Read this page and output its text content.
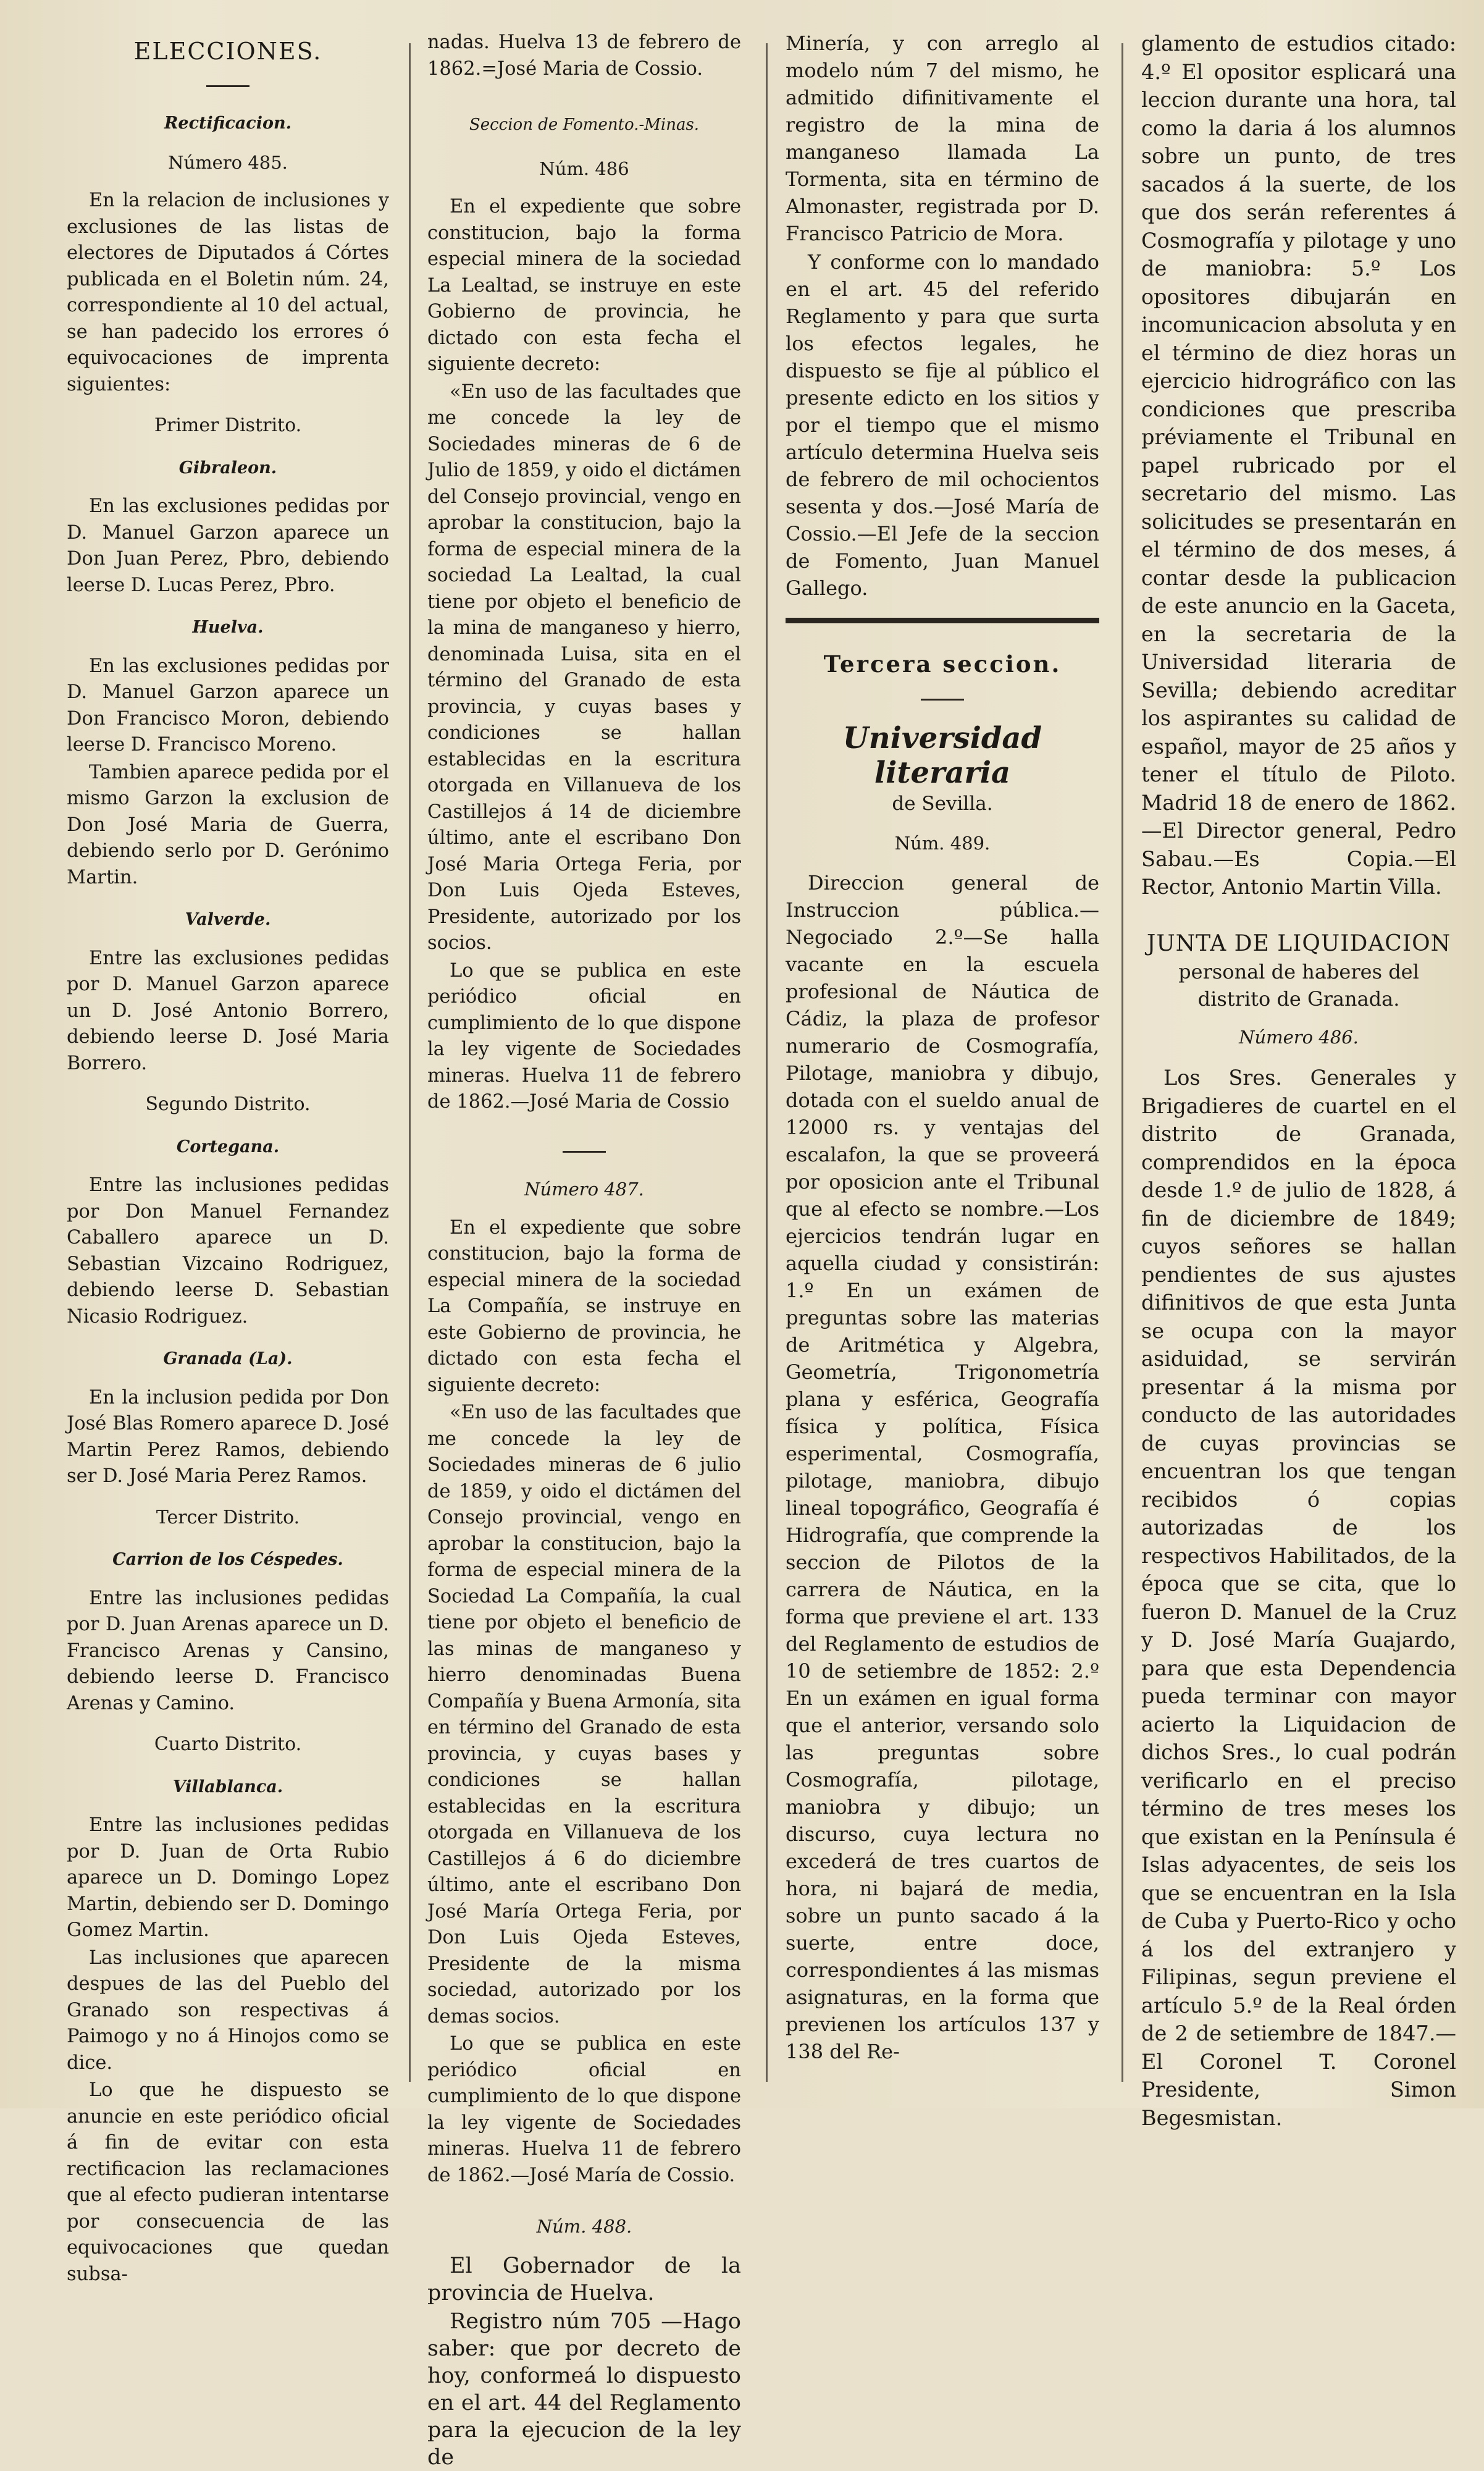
ELECCIONES.
Rectificacion.
Número 485.

En la relacion de inclusiones y exclusiones de las listas de electores de Diputados á Córtes publicada en el Boletin núm. 24, correspondiente al 10 del actual, se han padecido los errores ó equivocaciones de imprenta siguientes:

Primer Distrito.
Gibraleon.

En las exclusiones pedidas por D. Manuel Garzon aparece un Don Juan Perez, Pbro, debiendo leerse D. Lucas Perez, Pbro.

Huelva.

En las exclusiones pedidas por D. Manuel Garzon aparece un Don Francisco Moron, debiendo leerse D. Francisco Moreno.

Tambien aparece pedida por el mismo Garzon la exclusion de Don José Maria de Guerra, debiendo serlo por D. Gerónimo Martin.

Valverde.

Entre las exclusiones pedidas por D. Manuel Garzon aparece un D. José Antonio Borrero, debiendo leerse D. José Maria Borrero.

Segundo Distrito.
Cortegana.

Entre las inclusiones pedidas por Don Manuel Fernandez Caballero aparece un D. Sebastian Vizcaino Rodriguez, debiendo leerse D. Sebastian Nicasio Rodriguez.

Granada (La).

En la inclusion pedida por Don José Blas Romero aparece D. José Martin Perez Ramos, debiendo ser D. José Maria Perez Ramos.

Tercer Distrito.
Carrion de los Céspedes.

Entre las inclusiones pedidas por D. Juan Arenas aparece un D. Francisco Arenas y Cansino, debiendo leerse D. Francisco Arenas y Camino.

Cuarto Distrito.
Villablanca.

Entre las inclusiones pedidas por D. Juan de Orta Rubio aparece un D. Domingo Lopez Martin, debiendo ser D. Domingo Gomez Martin.

Las inclusiones que aparecen despues de las del Pueblo del Granado son respectivas á Paimogo y no á Hinojos como se dice.

Lo que he dispuesto se anuncie en este periódico oficial á fin de evitar con esta rectificacion las reclamaciones que al efecto pudieran intentarse por consecuencia de las equivocaciones que quedan subsa-

nadas. Huelva 13 de febrero de 1862.=José Maria de Cossio.

Seccion de Fomento.-Minas.
Núm. 486

En el expediente que sobre constitucion, bajo la forma especial minera de la sociedad La Lealtad, se instruye en este Gobierno de provincia, he dictado con esta fecha el siguiente decreto:

«En uso de las facultades que me concede la ley de Sociedades mineras de 6 de Julio de 1859, y oido el dictámen del Consejo provincial, vengo en aprobar la constitucion, bajo la forma de especial minera de la sociedad La Lealtad, la cual tiene por objeto el beneficio de la mina de manganeso y hierro, denominada Luisa, sita en el término del Granado de esta provincia, y cuyas bases y condiciones se hallan establecidas en la escritura otorgada en Villanueva de los Castillejos á 14 de diciembre último, ante el escribano Don José Maria Ortega Feria, por Don Luis Ojeda Esteves, Presidente, autorizado por los socios.

Lo que se publica en este periódico oficial en cumplimiento de lo que dispone la ley vigente de Sociedades mineras. Huelva 11 de febrero de 1862.—José Maria de Cossio

Número 487.

En el expediente que sobre constitucion, bajo la forma de especial minera de la sociedad La Compañía, se instruye en este Gobierno de provincia, he dictado con esta fecha el siguiente decreto:

«En uso de las facultades que me concede la ley de Sociedades mineras de 6 julio de 1859, y oido el dictámen del Consejo provincial, vengo en aprobar la constitucion, bajo la forma de especial minera de la Sociedad La Compañía, la cual tiene por objeto el beneficio de las minas de manganeso y hierro denominadas Buena Compañía y Buena Armonía, sita en término del Granado de esta provincia, y cuyas bases y condiciones se hallan establecidas en la escritura otorgada en Villanueva de los Castillejos á 6 do diciembre último, ante el escribano Don José María Ortega Feria, por Don Luis Ojeda Esteves, Presidente de la misma sociedad, autorizado por los demas socios.

Lo que se publica en este periódico oficial en cumplimiento de lo que dispone la ley vigente de Sociedades mineras. Huelva 11 de febrero de 1862.—José María de Cossio.

Núm. 488.

El Gobernador de la provincia de Huelva.

Registro núm 705 —Hago saber: que por decreto de hoy, conformeá lo dispuesto en el art. 44 del Reglamento para la ejecucion de la ley de

Minería, y con arreglo al modelo núm 7 del mismo, he admitido difinitivamente el registro de la mina de manganeso llamada La Tormenta, sita en término de Almonaster, registrada por D. Francisco Patricio de Mora.

Y conforme con lo mandado en el art. 45 del referido Reglamento y para que surta los efectos legales, he dispuesto se fije al público el presente edicto en los sitios y por el tiempo que el mismo artículo determina Huelva seis de febrero de mil ochocientos sesenta y dos.—José María de Cossio.—El Jefe de la seccion de Fomento, Juan Manuel Gallego.

Tercera seccion.
Universidad literaria
de Sevilla.
Núm. 489.

Direccion general de Instruccion pública.—Negociado 2.º—Se halla vacante en la escuela profesional de Náutica de Cádiz, la plaza de profesor numerario de Cosmografía, Pilotage, maniobra y dibujo, dotada con el sueldo anual de 12000 rs. y ventajas del escalafon, la que se proveerá por oposicion ante el Tribunal que al efecto se nombre.—Los ejercicios tendrán lugar en aquella ciudad y consistirán: 1.º En un exámen de preguntas sobre las materias de Aritmética y Algebra, Geometría, Trigonometría plana y esférica, Geografía física y política, Física esperimental, Cosmografía, pilotage, maniobra, dibujo lineal topográfico, Geografía é Hidrografía, que comprende la seccion de Pilotos de la carrera de Náutica, en la forma que previene el art. 133 del Reglamento de estudios de 10 de setiembre de 1852: 2.º En un exámen en igual forma que el anterior, versando solo las preguntas sobre Cosmografía, pilotage, maniobra y dibujo; un discurso, cuya lectura no excederá de tres cuartos de hora, ni bajará de media, sobre un punto sacado á la suerte, entre doce, correspondientes á las mismas asignaturas, en la forma que previenen los artículos 137 y 138 del Re-

glamento de estudios citado: 4.º El opositor esplicará una leccion durante una hora, tal como la daria á los alumnos sobre un punto, de tres sacados á la suerte, de los que dos serán referentes á Cosmografía y pilotage y uno de maniobra: 5.º Los opositores dibujarán en incomunicacion absoluta y en el término de diez horas un ejercicio hidrográfico con las condiciones que prescriba préviamente el Tribunal en papel rubricado por el secretario del mismo. Las solicitudes se presentarán en el término de dos meses, á contar desde la publicacion de este anuncio en la Gaceta, en la secretaria de la Universidad literaria de Sevilla; debiendo acreditar los aspirantes su calidad de español, mayor de 25 años y tener el título de Piloto. Madrid 18 de enero de 1862.—El Director general, Pedro Sabau.—Es Copia.—El Rector, Antonio Martin Villa.

JUNTA DE LIQUIDACION
personal de haberes del distrito de Granada.
Número 486.

Los Sres. Generales y Brigadieres de cuartel en el distrito de Granada, comprendidos en la época desde 1.º de julio de 1828, á fin de diciembre de 1849; cuyos señores se hallan pendientes de sus ajustes difinitivos de que esta Junta se ocupa con la mayor asiduidad, se servirán presentar á la misma por conducto de las autoridades de cuyas provincias se encuentran los que tengan recibidos ó copias autorizadas de los respectivos Habilitados, de la época que se cita, que lo fueron D. Manuel de la Cruz y D. José María Guajardo, para que esta Dependencia pueda terminar con mayor acierto la Liquidacion de dichos Sres., lo cual podrán verificarlo en el preciso término de tres meses los que existan en la Península é Islas adyacentes, de seis los que se encuentran en la Isla de Cuba y Puerto-Rico y ocho á los del extranjero y Filipinas, segun previene el artículo 5.º de la Real órden de 2 de setiembre de 1847.—El Coronel T. Coronel Presidente, Simon Begesmistan.
